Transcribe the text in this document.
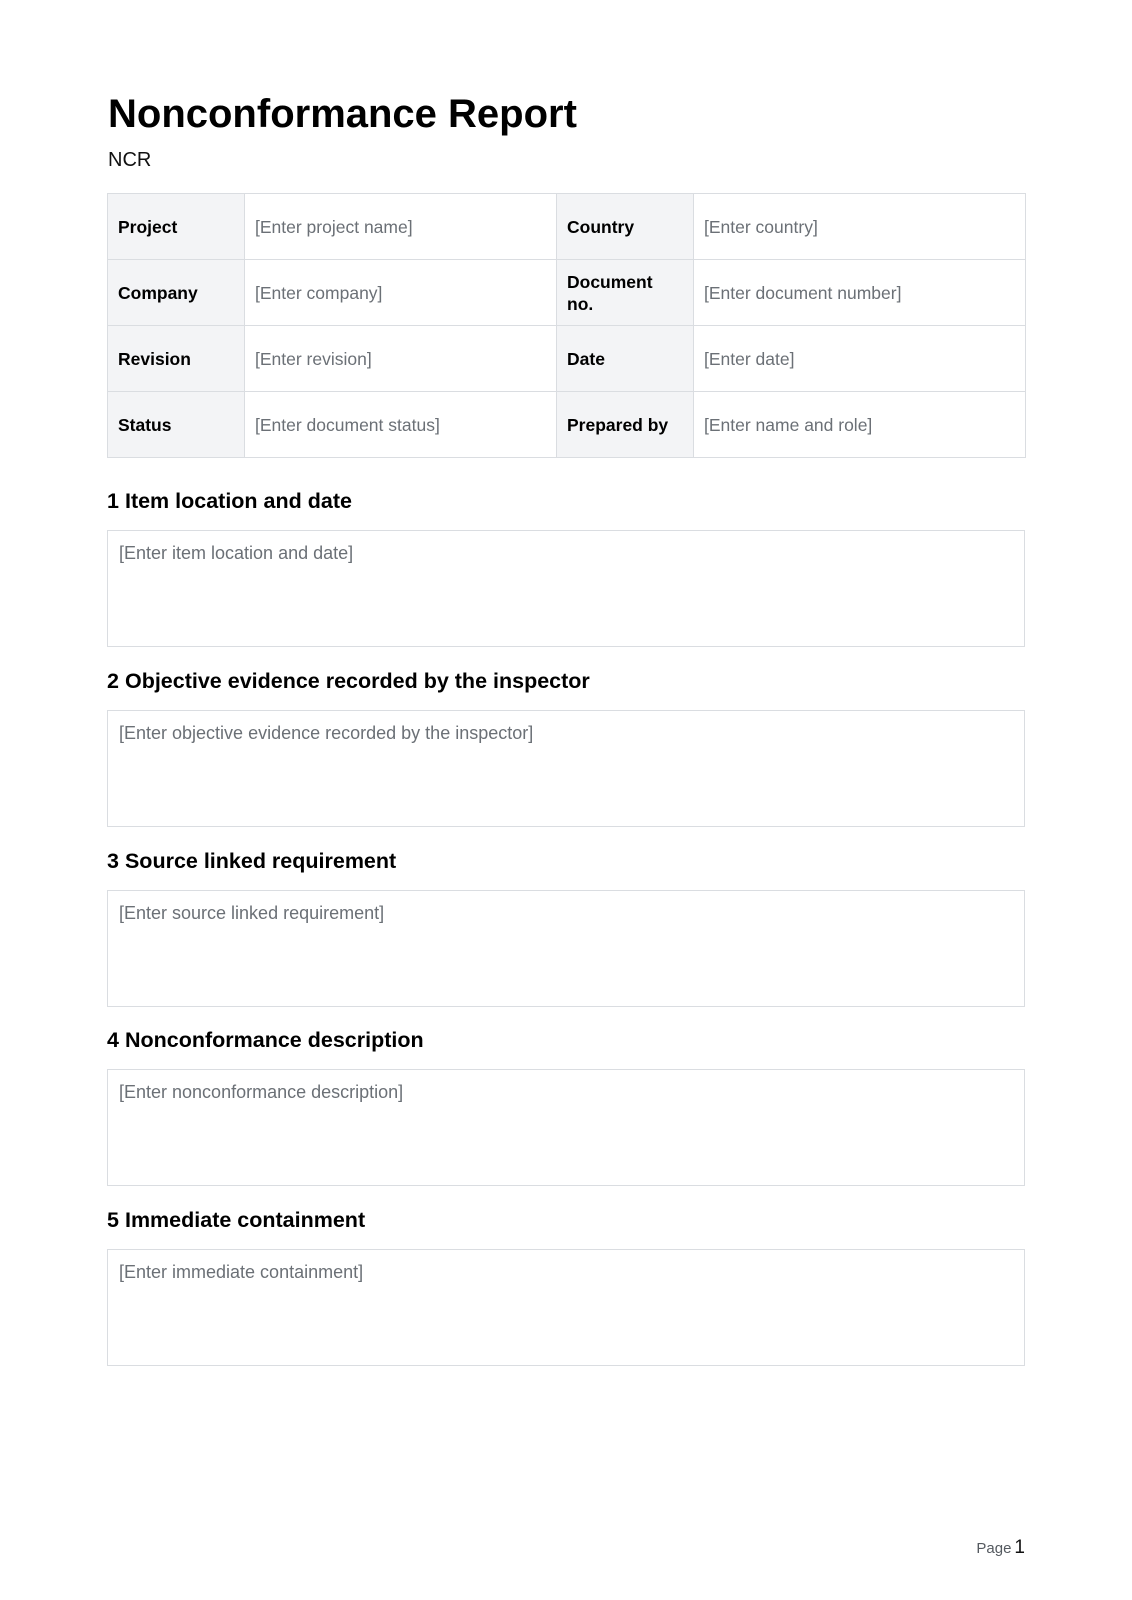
Nonconformance Report
NCR
Project	[Enter project name]	Country	[Enter country]
Company	[Enter company]	Document no.	[Enter document number]
Revision	[Enter revision]	Date	[Enter date]
Status	[Enter document status]	Prepared by	[Enter name and role]
1 Item location and date
[Enter item location and date]
2 Objective evidence recorded by the inspector
[Enter objective evidence recorded by the inspector]
3 Source linked requirement
[Enter source linked requirement]
4 Nonconformance description
[Enter nonconformance description]
5 Immediate containment
[Enter immediate containment]
Page 1
